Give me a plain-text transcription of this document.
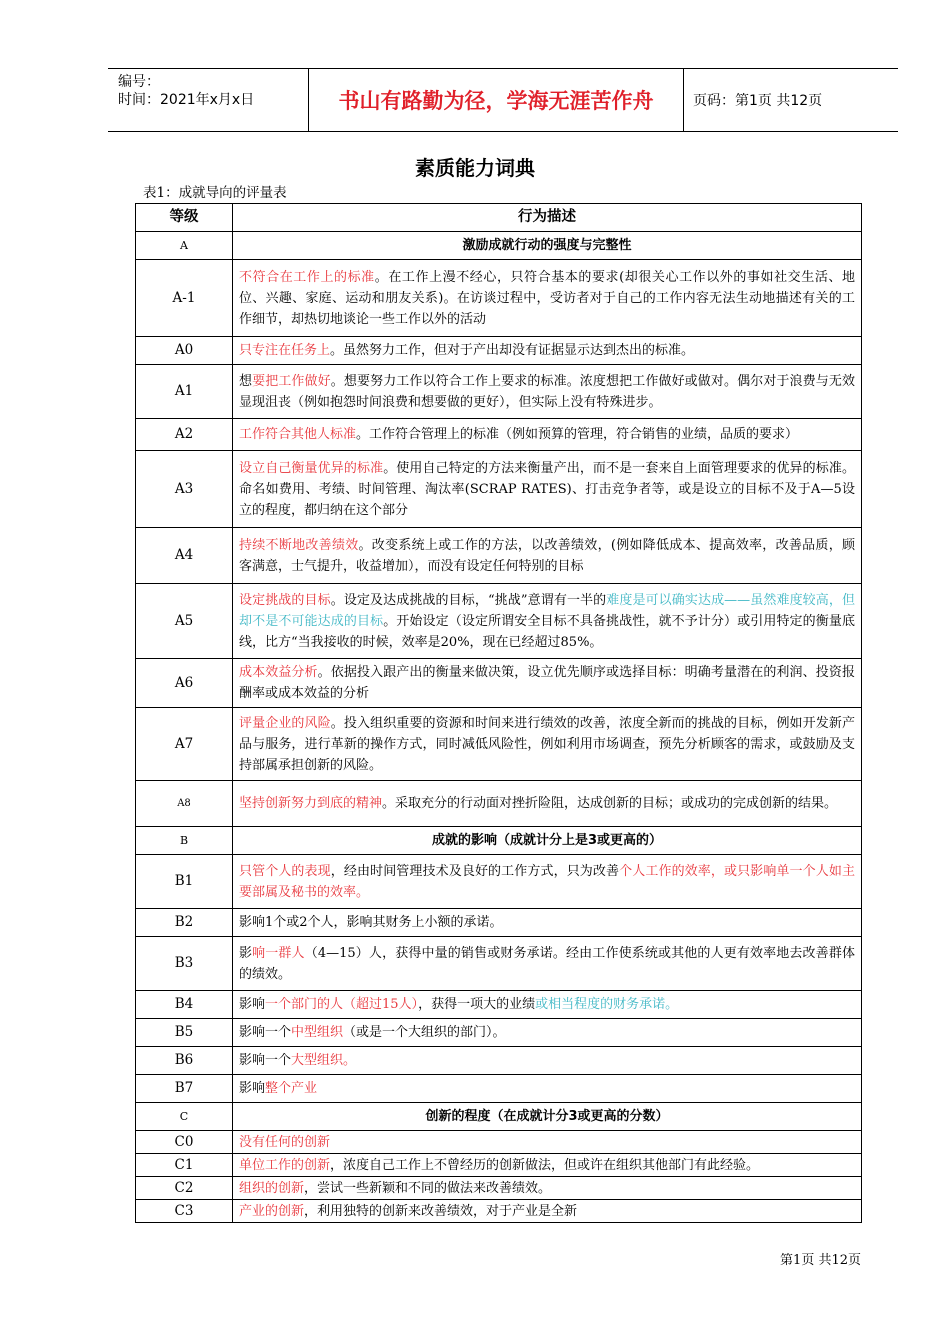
编号：
时间：2021年x月x日	书山有路勤为径，学海无涯苦作舟	页码：第1页 共12页
素质能力词典
表1：成就导向的评量表
等级	行为描述
A	激励成就行动的强度与完整性
A-1	不符合在工作上的标准。在工作上漫不经心，只符合基本的要求(却很关心工作以外的事如社交生活、地位、兴趣、家庭、运动和朋友关系)。在访谈过程中，受访者对于自己的工作内容无法生动地描述有关的工作细节，却热切地谈论一些工作以外的活动
A0	只专注在任务上。虽然努力工作，但对于产出却没有证据显示达到杰出的标准。
A1	想要把工作做好。想要努力工作以符合工作上要求的标准。浓度想把工作做好或做对。偶尔对于浪费与无效显现沮丧（例如抱怨时间浪费和想要做的更好），但实际上没有特殊进步。
A2	工作符合其他人标准。工作符合管理上的标准（例如预算的管理，符合销售的业绩，品质的要求）
A3	设立自己衡量优异的标准。使用自己特定的方法来衡量产出，而不是一套来自上面管理要求的优异的标准。命名如费用、考绩、时间管理、淘汰率(SCRAP RATES)、打击竞争者等，或是设立的目标不及于A—5设立的程度，都归纳在这个部分
A4	持续不断地改善绩效。改变系统上或工作的方法，以改善绩效，(例如降低成本、提高效率，改善品质，顾客满意，士气提升，收益增加），而没有设定任何特别的目标
A5	设定挑战的目标。设定及达成挑战的目标，“挑战”意谓有一半的难度是可以确实达成——虽然难度较高，但却不是不可能达成的目标。开始设定（设定所谓安全目标不具备挑战性，就不予计分）或引用特定的衡量底线，比方“当我接收的时候，效率是20%，现在已经超过85%。
A6	成本效益分析。依据投入跟产出的衡量来做决策，设立优先顺序或选择目标：明确考量潜在的利润、投资报酬率或成本效益的分析
A7	评量企业的风险。投入组织重要的资源和时间来进行绩效的改善，浓度全新而的挑战的目标，例如开发新产品与服务，进行革新的操作方式，同时减低风险性，例如利用市场调查，预先分析顾客的需求，或鼓励及支持部属承担创新的风险。
A8	坚持创新努力到底的精神。采取充分的行动面对挫折险阻，达成创新的目标；或成功的完成创新的结果。
B	成就的影响（成就计分上是3或更高的）
B1	只管个人的表现，经由时间管理技术及良好的工作方式，只为改善个人工作的效率，或只影响单一个人如主要部属及秘书的效率。
B2	影响1个或2个人，影响其财务上小额的承诺。
B3	影响一群人（4—15）人，获得中量的销售或财务承诺。经由工作使系统或其他的人更有效率地去改善群体的绩效。
B4	影响一个部门的人（超过15人），获得一项大的业绩或相当程度的财务承诺。
B5	影响一个中型组织（或是一个大组织的部门）。
B6	影响一个大型组织。
B7	影响整个产业
C	创新的程度（在成就计分3或更高的分数）
C0	没有任何的创新
C1	单位工作的创新，浓度自己工作上不曾经历的创新做法，但或许在组织其他部门有此经验。
C2	组织的创新，尝试一些新颖和不同的做法来改善绩效。
C3	产业的创新，利用独特的创新来改善绩效，对于产业是全新
第1页 共12页
